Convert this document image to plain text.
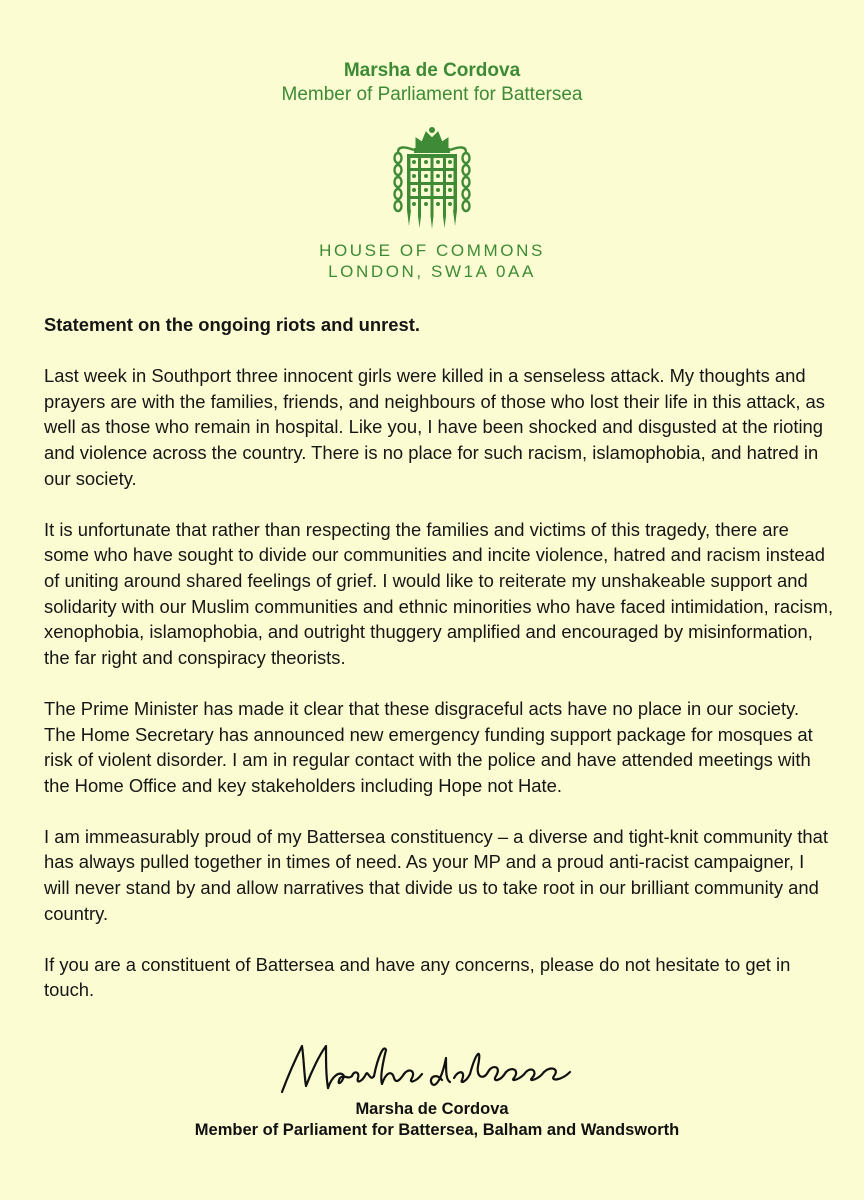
Marsha de Cordova
Member of Parliament for Battersea
HOUSE OF COMMONS
LONDON, SW1A 0AA

Statement on the ongoing riots and unrest.

Last week in Southport three innocent girls were killed in a senseless attack. My thoughts and prayers are with the families, friends, and neighbours of those who lost their life in this attack, as well as those who remain in hospital. Like you, I have been shocked and disgusted at the rioting and violence across the country. There is no place for such racism, islamophobia, and hatred in our society.

It is unfortunate that rather than respecting the families and victims of this tragedy, there are some who have sought to divide our communities and incite violence, hatred and racism instead of uniting around shared feelings of grief. I would like to reiterate my unshakeable support and solidarity with our Muslim communities and ethnic minorities who have faced intimidation, racism, xenophobia, islamophobia, and outright thuggery amplified and encouraged by misinformation, the far right and conspiracy theorists.

The Prime Minister has made it clear that these disgraceful acts have no place in our society. The Home Secretary has announced new emergency funding support package for mosques at risk of violent disorder. I am in regular contact with the police and have attended meetings with the Home Office and key stakeholders including Hope not Hate.

I am immeasurably proud of my Battersea constituency – a diverse and tight-knit community that has always pulled together in times of need. As your MP and a proud anti-racist campaigner, I will never stand by and allow narratives that divide us to take root in our brilliant community and country.

If you are a constituent of Battersea and have any concerns, please do not hesitate to get in touch.

Marsha de Cordova
Member of Parliament for Battersea, Balham and Wandsworth
